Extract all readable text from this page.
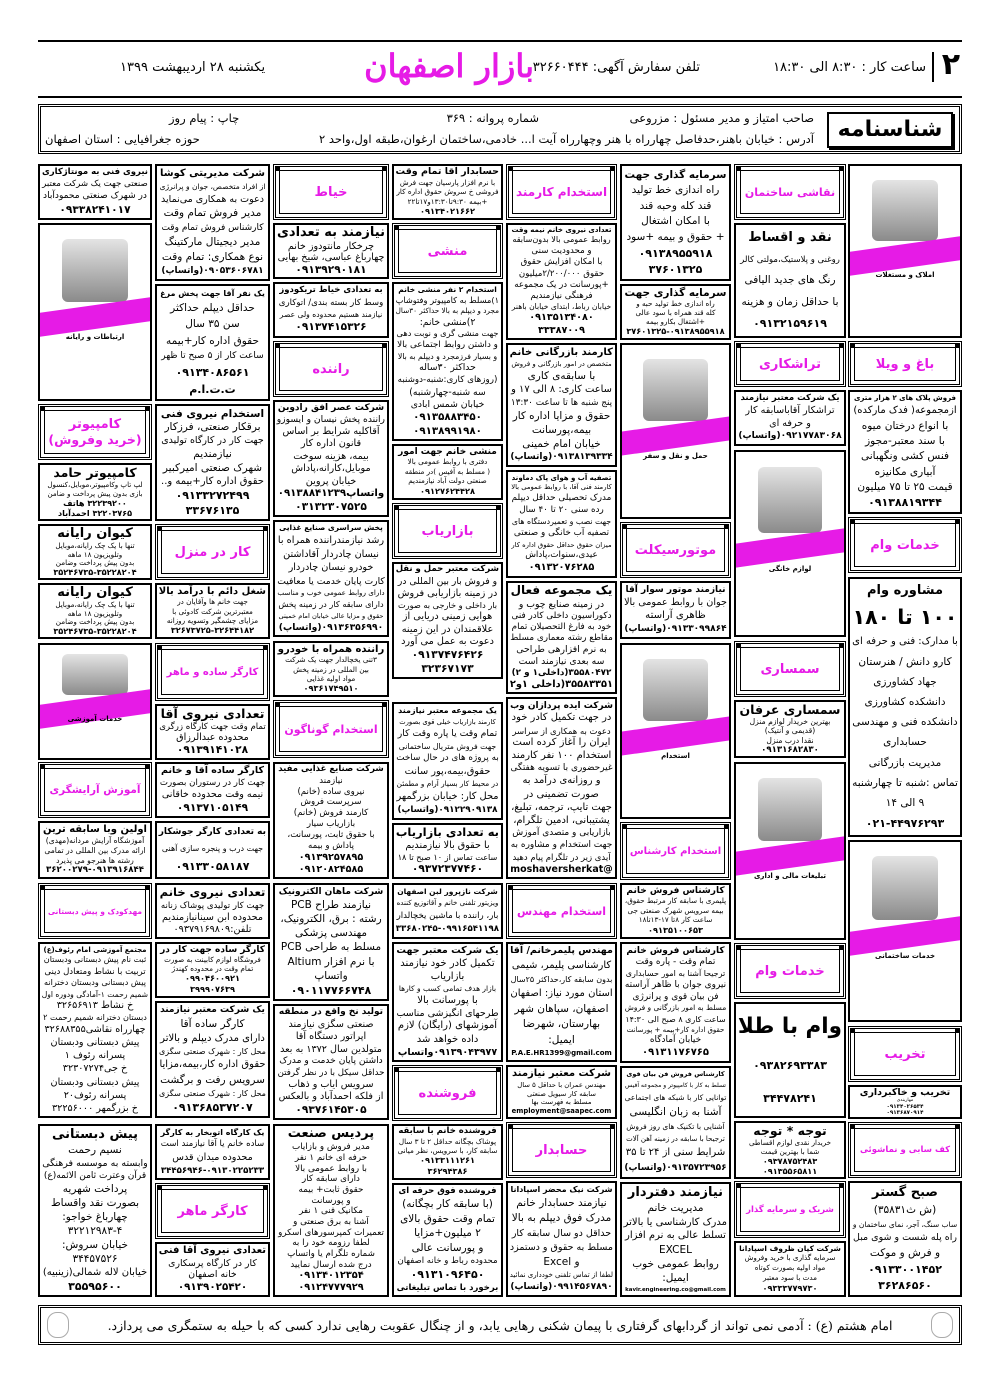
۲
ساعت کار : ۸:۳۰ الی ۱۸:۳۰
تلفن سفارش آگهی: ۳۲۶۶۰۴۴۴
بازار اصفهان
یکشنبه ۲۸ اردیبهشت ۱۳۹۹
شناسنامه
صاحب امتیاز و مدیر مسئول : مزروعی
شماره پروانه : ۳۶۹
چاپ : پیام روز
آدرس : خیابان باهنر،حدفاصل چهارراه با هنر وچهارراه آیت ا... خادمی،ساختمان ارغوان،طبقه اول،واحد ۲
حوزه جغرافیایی : استان اصفهان
املاک و مستغلات
باغ و ویلا
فروش پلاک های ۲ هزار متری
ازمجموعه( فدک مارکده)
با انواع درختان میوه
با سند معتبر-مجوز
فنس کشی ونگهبانی
آبیاری مکانیزه
قیمت ۲۵ تا ۷۵ میلیون
۰۹۱۳۸۸۱۹۳۴۴
خدمات وام
مشاوره وام
۱۰۰ تا ۱۸۰
با مدارک: فنی و حرفه ای
کارو دانش / هنرستان
جهاد کشاورزی
دانشکده کشاورزی
دانشکده فنی و مهندسی
حسابداری
مدیریت بازرگانی
تماس :شنبه تا چهارشنبه
۹ الی ۱۴
۰۲۱-۴۴۹۷۶۲۹۳
خدمات ساختمانی
تخریب
تخریب و خاکبرداری
مهاربندی
۰۹۱۳۴۰۲۶۵۳۴
۰۹۱۳۶۸۷۰۹۱۴
کف سابی و نماشوئی
صبح گستر
(ش ث۳۵۸۳۱)
ساب سنگ، آجر، نمای ساختمان و
راه پله شست و شوی مبل
و فرش و موکت
۰۹۱۳۳۰۰۱۴۵۲
۳۶۲۸۶۵۶۰
نقاشی ساختمان
نقد و اقساط
روغنی و پلاستیک،مولتی کالر
رنگ های جدید الیافی
با حداقل زمان و هزینه
۰۹۱۳۲۱۵۹۶۱۹
تراشکاری
یک شرکت معتبر نیازمند
تراشکار آقاباسابقه کار
و حرفه ای
۰۹۲۱۷۷۸۳۰۶۸(واتساپ)
لوازم خانگی
سمساری
سمساری عرفان
بهترین خریدار لوازم منزل
(قدیمی و آنتیک)
نقدا درب منزل
۰۹۱۳۱۶۸۲۸۳۰
تبلیغات مالی و اداری
خدمات وام
وام با طلا
۰۹۳۸۲۶۹۳۳۸۳
۳۴۴۷۸۲۴۱
توجه * توجه
خریدار نقدی لوازم اقساطی
شما با بهترین قیمت
۰۹۳۷۸۷۵۲۴۸۳
۰۹۱۳۵۵۶۵۸۱۱
شریک و سرمایه گذار
شرکت کیان ظروف اسپادانا
سرمایه گذاری با خرید وفروش
مواد اولیه بصورت کوتاه
مدت با سود معتبر
۰۹۳۳۳۷۷۹۷۳۰
سرمایه گذاری جهت
راه اندازی خط تولید
قند کله وحبه قند
با امکان اشتغال
+ حقوق و بیمه +سود
۰۹۱۳۸۹۵۵۹۱۸
۳۷۶۰۱۳۲۵
سرمایه گذاری جهت
راه اندازی خط تولید حبه و
کله قند همراه با سود عالی
+اشتغال بکارو بیمه
۳۷۶۰۱۳۲۵-۰۹۱۳۸۹۵۵۹۱۸
حمل و نقل و سفر
موتورسیکلت
نیازمند موتور سوار آقا
جوان با روابط عمومی بالا
ظاهری آراسته
۰۹۱۳۳۰۹۹۸۶۴(واتساپ)
استخدام
استخدام کارشناس
کارشناس فروش خانم
پلیمری با سابقه کار مرتبط حقوق،
بیمه سرویس شهرک صنعتی جی
ساعت کار ۸تا ۱۷-۱۳تا۱۸
۰۹۱۳۵۱۰۰۶۵۳
کارشناس فروش خانم
تمام وقت - پاره وقت
ترجیحا آشنا به امور حسابداری
نیروی جوان با ظاهر آراسته
فن بیان قوی و پرانرژی
مسلط به امور بازرگانی و فروش
ساعت کاری ۸ صبح الی ۱۴:۳۰
حقوق اداره کار+بیمه + پورسانت
خیابان آمادگاه
۰۹۱۳۱۱۷۶۷۶۵
کارشناس فروش فن بیان قوی
تسلط به کار با کامپیوتر و مجموعه آفیس
توانایی کار با شبکه های اجتماعی
آشنا به زبان انگلیسی
آشنایی با تکنیک های روز فروش
ترجیحا با سابقه در زمینه آهن آلات
شرایط سنی از ۲۴ تا ۳۵
۰۹۱۳۵۷۲۳۹۵۶(واتساپ)
نیازمند دفتردار
مدیریت خانم
مدرک کارشناسی یا بالاتر
تسلط عالی به نرم افزار
EXCEL
روابط عمومی خوب
ایمیل:
kavir.engineering.co@gmail.com
استخدام کارمند
تعدادی نیروی خانم نیمه وقت
روابط عمومی بالا بدون‌سابقه
و محدودیت سنی
با امکان افزایش حقوق
حقوق ۲/۲۰۰/۰۰۰میلیون
+پورسانت در یک مجموعه
فرهنگی نیازمندیم
خیابان رباط، ابتدای خیابان باهنر
۰۹۱۳۵۱۳۴۰۸۰
۳۳۳۸۷۰۰۹
کارمند بازرگانی خانم
متخصص در امور بازرگانی و فروش
با سابقه‌ی کاری
ساعت کاری: ۸ الی ۱۷ و
پنج شنبه ها تا ساعت ۱۳:۳۰
حقوق و مزایا اداره کار
بیمه،پورسانت
خیابان امام خمینی
۰۹۱۳۸۱۳۹۳۳۴(واتساپ)
تصفیه آب و هوای پاک دماوند
کارمند فنی آقا، با روابط عمومی بالا
مدرک تحصیلی حداقل دیپلم
رده سنی ۲۰ تا ۴۰ سال
جهت نصب و تعمیردستگاه های
تصفیه آب خانگی و صنعتی
میزان حقوق حداقل حقوق اداره کار
عیدی،سنوات،پاداش
۰۹۱۳۲۰۷۶۲۸۵
یک مجموعه فعال
در زمینه صنایع چوب و
دکوراسیون داخلی کادر فنی
خود به فارغ التحصیلان تمام
مقاطع رشته معماری مسلط
به نرم افزارهی طراحی
سه بعدی نیازمند است
۳۵۵۸۰۴۷۲(داخلی۱ و ۲)
۳۵۵۸۳۳۵۱(داخلی ۱و۲
شرکت ایده پردازان وب
در جهت تکمیل کادر خود
دعوت به همکاری از سراسر
ایران را آغاز کرده است
استخدام ۱۰۰ نفر کارمند
غیرحضوری با تسویه هفتگی
و روزانه‌ی درآمد به
صورت تضمینی در
جهت تایپ، ترجمه، تبلیغ،
پشتیبانی، ادمین تلگرام،
بازاریابی و متصدی آموزش
جهت استخدام و مشاوره به
آیدی زیر در تلگرام پیام دهید
@moshaversherkat
استخدام مهندس
مهندس پلیمرخانم/ آقا
کارشناسی پلیمر، شیمی
بدون سابقه کار،حداکثر ۲۵سال
استان مورد نیاز: اصفهان
اصفهان، سپاهان شهر
بهارستان، شهرضا
ایمیل:
P.A.E.HR1399@gmail.com
شرکت معتبر نیازمند
مهندس عمران با حداقل ۵ سال
سابقه کار سیویل صنعتی
مسلط به فهرست بها
employment@saapec.com
حسابدار
شرکت نیک محضر اسپادانا
نیازمند حسابدار خانم
مدرک فوق دیپلم به بالا
حداقل دو سال سابقه کار
مسلط به حقوق و دستمزد
و Excel
لطفا از تماس تلفنی خودداری نمائید
۰۹۹۱۴۵۶۷۸۹۰(واتساپ)
حسابدار آقا تمام وقت
با نرم افزار پارسیان جهت فرش
فروشی خ سروش حقوق اداره کار
+بیمه ۹:۳۰تا۱۳:۳۰و۱۷تا۲۲
۰۹۱۳۴۰۲۱۶۶۲
منشی
استخدام ۲ نفر منشی خانم
۱)مسلط به کامپیوتر وفتوشاپ
مجرد و دیپلم به بالا حداکثر ۳۰سال
۲)منشی خانم:
جهت منشی گری و نوبت دهی
و داشتن روابط اجتماعی بالا
و بسیار فرزمجرد و دیپلم به بالا
حداکثر ۳۰ساله
(روزهای کاری:شنبه-دوشنبه
سه شنبه-چهارشنبه)
خیابان شمس ابادی
۰۹۱۳۵۸۸۳۴۵۰
۰۹۱۳۸۹۹۱۹۸۰
منشی خانم جهت امور
دفتری با روابط عمومی بالا
( مسلط به آفیس )در منطقه
صنعتی دولت آباد نیازمندیم
۰۹۱۲۷۶۲۴۴۲۸
بازاریاب
شرکت معتبر حمل و نقل
و فروش بار بین المللی در
در زمینه بازاریابی فروش
بار داخلی و خارجی به صورت
هوایی زمینی دریایی از
علاقمندان در این زمینه
دعوت به عمل می آورد
۰۹۱۳۷۴۷۶۴۲۶
۳۲۳۶۷۱۷۳
یک مجموعه معتبر نیازمند
کارمند بازاریاب خیلی قوی بصورت
تمام وقت یا پاره وقت کار
جهت فروش متریال ساختمانی
به پروژه های در حال ساخت
حقوق،بیمه،پور سانت
در محیط کار بسیار آرام و مطمئن
محل کار: خیابان بزرگمهر
۰۹۱۲۲۹۰۹۱۳۸(واتساپ)
به تعدادی بازاریاب
با حقوق بالا نیازمندیم
ساعت تماس از ۱۰ صبح تا ۱۸
۰۹۳۷۲۳۷۷۴۶۰
شرکت نازپرور لبن اصفهان
ویزیتور تلفنی خانم و آقاتوزیع کننده
بار، راننده با ماشین یخچالدار
۳۳۶۸۰۲۴۵-۰۹۹۱۶۵۴۱۱۹۸
یک شرکت معتبر جهت
تکمیل کادر خود نیازمند
بازاریاب
بازار هدف تمامی کسب و کارها
با پورسانت بالا
طرحهای انگیزشی مناسب
آموزشهای (رایگان) لازم
داده خواهد شد
۰۹۱۳۹۰۴۳۹۷۷واتساپ
فروشنده
فروشنده خانم با سابقه
پوشاک بچگانه حداقل ۲ تا ۳ سال
سابقه کار، با سرویس، نظر میانی
۰۹۱۳۳۱۱۱۲۶۱
۳۶۲۹۴۳۸۶
فروشنده فوق حرفه ای
(با سابقه کار بچگانه)
تمام وقت حقوق بالای
۲ میلیون+مزایا
و پورسانت عالی
محدوده رباط و خانه اصفهان
۰۹۱۳۱۰۹۶۴۵۰
برخورد با تماس تبلیغاتی
خیاط
نیازمند به تعدادی
چرخکار مانتودوز خانم
چهارباغ عباسی، شیخ بهایی
۰۹۱۳۹۲۹۰۱۸۱
به تعدادی خیاط تریکودوز
وسط کار بسته بندی/ اتوکاری
نیازمند هستیم محدوده ولی عصر
۰۹۱۳۷۴۱۵۳۲۶
راننده
شرکت عصر افق رادوین
راننده پخش نیسان و ایسوزو
آقاکلیه شرایط بر اساس
قانون اداره کار
بیمه، هزینه سوخت
موبایل،کارانه،پاداش
خیابان پروین
واتساپ۰۹۱۳۸۸۴۱۲۳۹
۰۳۱۳۲۳۰۷۵۲۵
پخش سراسری صنایع غذایی
رشد نیازمندراننده همراه با
نیسان چادردار آقاداشتن
خودرو نیسان چادردار
کارت پایان خدمت یا معافیت
دارای روابط عمومی خوب و مناسب
دارای سابقه کار در زمینه پخش
حقوق و مزایا عالی خیابان امام خمینی
۰۹۱۳۶۳۵۶۹۹۰(واتساپ)
راننده همراه با خودرو
۳تنی یخچالدار جهت یک شرکت
بین المللی در زمینه پخش
مواد اولیه غذایی
۰۹۳۶۱۷۴۹۵۱۰
استخدام گوناگون
شرکت صنایع غذایی مفید
نیازمند
نیروی ساده (خانم)
سرپرست فروش
کارمند فروش (خانم)
بازاریاب سیار
با حقوق ثابت، پورسانت،
پاداش و بیمه
۰۹۱۳۹۲۵۷۸۹۵
۰۹۱۲۰۸۲۴۵۸۵
شرکت ماهان الکترونیک
نیازمند طراح PCB
رشته : برق، الکترونیک،
مهندسی پزشکی
مسلط به طراحی PCB
با نرم افزار Altium
واتساپ
۰۹۰۱۱۷۷۶۶۷۴۸
تولید نخ واقع در منطقه
صنعتی سگزی نیازمند
اپراتور دستگاه آقا
متولدین سال ۱۳۷۲ به بعد
داشتن پایان خدمت و مدرک
حداقل سیکل با در نظر گرفتن
سرویس ایاب و ذهاب
از فلکه احمدآباد و بالعکس
۰۹۳۷۶۱۴۵۳۰۵
پردیس صنعت
مدیر فروش و بازایاب
حرفه ای خانم ۱ نفر
با روابط عمومی بالا
دارای سابقه کار
حقوق ثابت+ بیمه
و پورسانت
مکانیک فنی ۱ نفر
آشنا به برق صنعتی و
تعمیرات کمپرسورهای اسکرو
لطفا رزومه خود را به
شماره تلگرام یا واتساپ
درج شده ارسال نمایید
۰۹۱۳۴۰۱۲۳۵۴
۰۹۱۲۴۷۷۷۹۲۹
شرکت مدیریتی کوشا
از افراد متخصص، جوان و پرانرژی
دعوت به همکاری می‌نماید
مدیر فروش تمام وقت
کارشناس فروش تمام وقت
مدیر دیجیتال مارکتینگ
نوع همکاری: تمام وقت
۰۹۰۵۳۶۰۶۷۸۱(واتساپ)
یک نفر آقا جهت پخش مرغ
حداقل دیپلم حداکثر
سن ۳۵ سال
حقوق اداره کار+بیمه
ساعت کار از ۵ صبح تا ظهر
۰۹۱۳۴۰۸۶۵۶۱
ت.ت.ا.م
استخدام نیروی فنی
برقکار صنعتی، فرزکار
جهت کار در کارگاه تولیدی
نیازمندیم
شهرک صنعتی امیرکبیر
حقوق اداره کار+بیمه و..
۰۹۱۳۳۲۷۲۴۹۹
۳۳۶۷۶۱۳۵
کار در منزل
شغل دائم با درآمد بالا
جهت خانم ها وآقایان در
معتبرترین شرکت کادوئی با
مزایای چشمگیر وتسویه روزانه
۳۲۶۷۳۷۲۵-۳۲۶۴۴۱۸۲
کارگر ساده و ماهر
تعدادی نیروی آقا
تمام وقت جهت کارگاه زرگری
محدوده عبدالرزاق
۰۹۱۳۹۱۴۱۰۲۸
کارگر ساده آقا و خانم
جهت کار در رستوران بصورت
نیمه وقت محدوده خاقانی
۰۹۱۳۷۱۰۵۱۴۹
به تعدادی کارگر جوشکار
جهت درب و پنجره سازی آهنی
۰۹۱۳۳۰۵۸۱۸۷
تعدادی نیروی خانم
جهت کار تولیدی پوشاک زنانه
محدوده ابن سینانیازمندیم
تلفن:۰۹۳۷۹۱۶۹۸۰۹
کارگر ساده جهت کار در
فروشگاه لوازم کابینت به صورت
تمام وقت در محدوده کهندژ
۰۹۹۰۴۶۰۰۹۲۱
۳۹۹۹۰۷۶۳۹
یک شرکت معتبر نیازمند
کارگر ساده آقا
دارای مدرک دیپلم و بالاتر
محل کار : شهرک صنعتی سگزی
حقوق اداره کار،بیمه،مزایا
سرویس رفت و برگشت
محل کار : شهرک صنعتی سگزی
۰۹۱۳۶۸۵۳۷۲۰۷
یک کارگاه اتوبخار به کارگر
ساده خانم یا آقا نیازمند است
محدوده میدان قدس
۳۴۴۵۶۹۴۶-۰۹۱۳۰۲۲۵۲۳۳
کارگر ماهر
تعدادی نیروی آقا فنی
کار در کارگاه پرسکاری
خانه اصفهان
۰۹۱۳۹۰۲۵۴۲۰
نیروی فنی به مونتاژکاری
صنعتی جهت یک شرکت معتبر
در شهرک صنعتی محمودآباد
۰۹۳۳۸۲۴۱۰۱۷
ارتباطات و رایانه
کامپیوتر
(خرید وفروش)
کامپیوتر حامد
لپ تاپ وکامپیوتر،موبایل،کنسول
بازی بدون پیش پرداخت و ضامن
۳۲۲۳۹۲۰۰ هاتف
۳۲۲۰۳۷۶۵ احمدآباد
کیوان رایانه
تنها با یک چک رایانه،موبایل
وتلویزیون ۱۸ ماهه
بدون پیش پرداخت وضامن
۳۵۲۴۶۷۳۵-۳۵۲۲۸۲۰۴
کیوان رایانه
تنها با یک چک رایانه،موبایل
وتلویزیون ۱۸ ماهه
بدون پیش پرداخت وضامن
۳۵۲۴۶۷۳۵-۳۵۲۲۸۲۰۴
خدمات آموزشی
آموزش آرایشگری
اولین وبا سابقه ترین
آموزشگاه آرایش مردانه(مهدی)
ارائه مدرک بین المللی در تمامی
رشته ها هنرجو می پذیرد
۳۶۲۰۰۲۷۹-۰۹۱۳۹۱۶۸۴۴
مهدکودک و پیش دبستانی
مجتمع آموزشی امام رئوف(ع)
ثبت نام پیش دبستانی ودبستان
تربیت با نشاط ومتعادل دینی
پیش دبستانی ودبستان دخترانه
شمیم رحمت ۱-آمادگی ودوره اول
خ نشاط ۳۲۶۵۶۹۱۳
دبستان دخترانه شمیم رحمت ۲
چهارراه نقاشی۳۲۶۸۸۳۵۵
پیش دبستانی ودبستان
پسرانه رئوف ۱
خ جی۳۲۳۰۷۲۷۴
پیش دبستانی ودبستان
پسرانه رئوف۲۰
خ بزرگمهر ۳۲۲۵۶۰۰۰
پیش دبستانی
نسیم رحمت
وابسته به موسسه فرهنگی
قرآن وعترت ثامن الائمه(ع)
پرداخت شهریه
بصورت نقد واقساط
چهارباغ خواجو:
۳۲۲۱۲۹۸۳-۴
خیابان سروش:
۳۴۴۵۷۵۲۶
خیابان لاله شمالی(زینبیه)
۳۵۵۹۵۶۰۰
امام هشتم (ع) : آدمی نمی تواند از گردابهای گرفتاری با پیمان شکنی رهایی یابد، و از چنگال عقوبت رهایی ندارد کسی که با حیله به ستمگری می پردازد.
